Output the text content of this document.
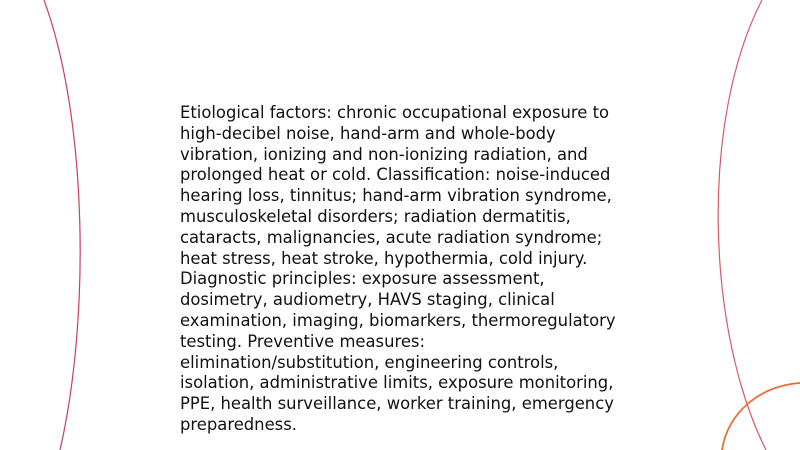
Etiological factors: chronic occupational exposure to high-decibel noise, hand-arm and whole-body vibration, ionizing and non-ionizing radiation, and prolonged heat or cold. Classification: noise-induced hearing loss, tinnitus; hand-arm vibration syndrome, musculoskeletal disorders; radiation dermatitis, cataracts, malignancies, acute radiation syndrome; heat stress, heat stroke, hypothermia, cold injury. Diagnostic principles: exposure assessment, dosimetry, audiometry, HAVS staging, clinical examination, imaging, biomarkers, thermoregulatory testing. Preventive measures: elimination/substitution, engineering controls, isolation, administrative limits, exposure monitoring, PPE, health surveillance, worker training, emergency preparedness.
